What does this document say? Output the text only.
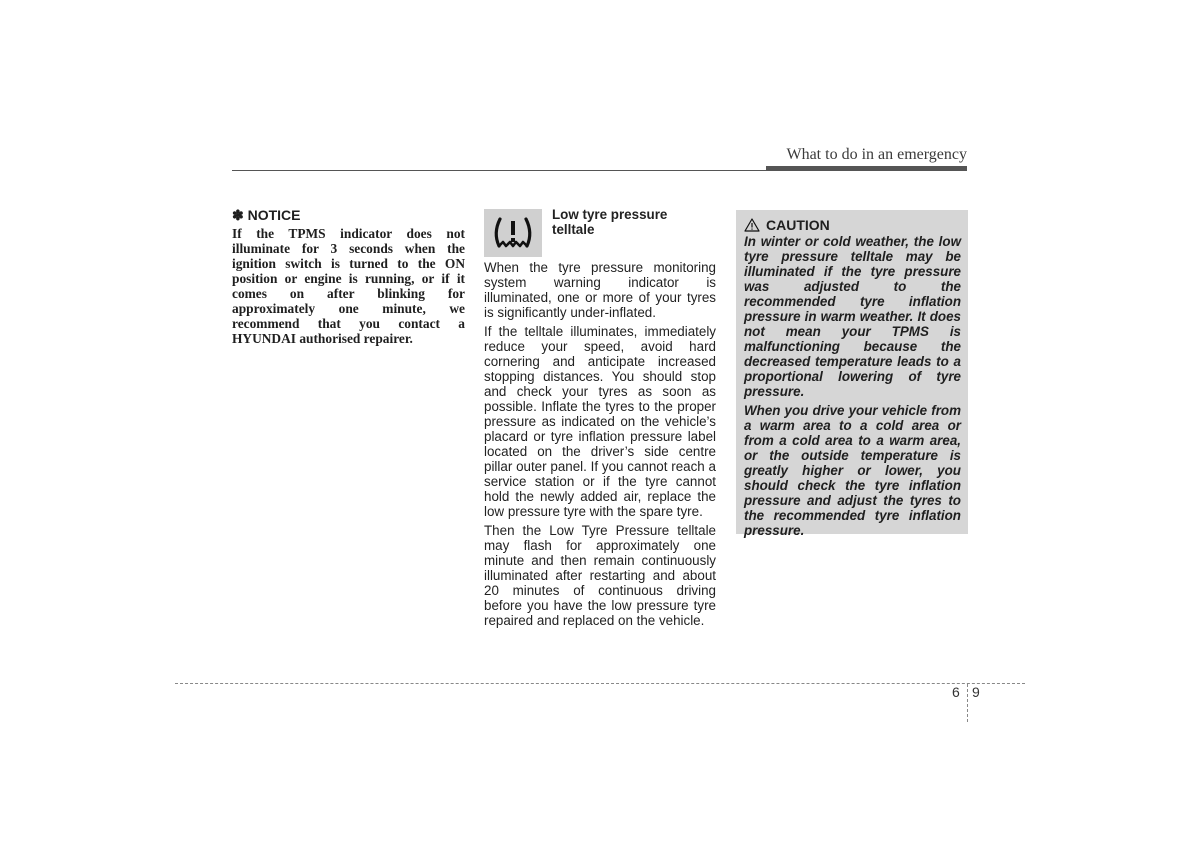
What to do in an emergency

✽ NOTICE

If the TPMS indicator does not illuminate for 3 seconds when the ignition switch is turned to the ON position or engine is running, or if it comes on after blinking for approximately one minute, we recommend that you contact a HYUNDAI authorised repairer.

Low tyre pressure telltale

When the tyre pressure monitoring system warning indicator is illuminated, one or more of your tyres is significantly under-inflated.

If the telltale illuminates, immediately reduce your speed, avoid hard cornering and anticipate increased stopping distances. You should stop and check your tyres as soon as possible. Inflate the tyres to the proper pressure as indicated on the vehicle’s placard or tyre inflation pressure label located on the driver’s side centre pillar outer panel. If you cannot reach a service station or if the tyre cannot hold the newly added air, replace the low pressure tyre with the spare tyre.

Then the Low Tyre Pressure telltale may flash for approximately one minute and then remain continuously illuminated after restarting and about 20 minutes of continuous driving before you have the low pressure tyre repaired and replaced on the vehicle.

CAUTION

In winter or cold weather, the low tyre pressure telltale may be illuminated if the tyre pressure was adjusted to the recommended tyre inflation pressure in warm weather. It does not mean your TPMS is malfunctioning because the decreased temperature leads to a proportional lowering of tyre pressure.

When you drive your vehicle from a warm area to a cold area or from a cold area to a warm area, or the outside temperature is greatly higher or lower, you should check the tyre inflation pressure and adjust the tyres to the recommended tyre inflation pressure.

6 9
